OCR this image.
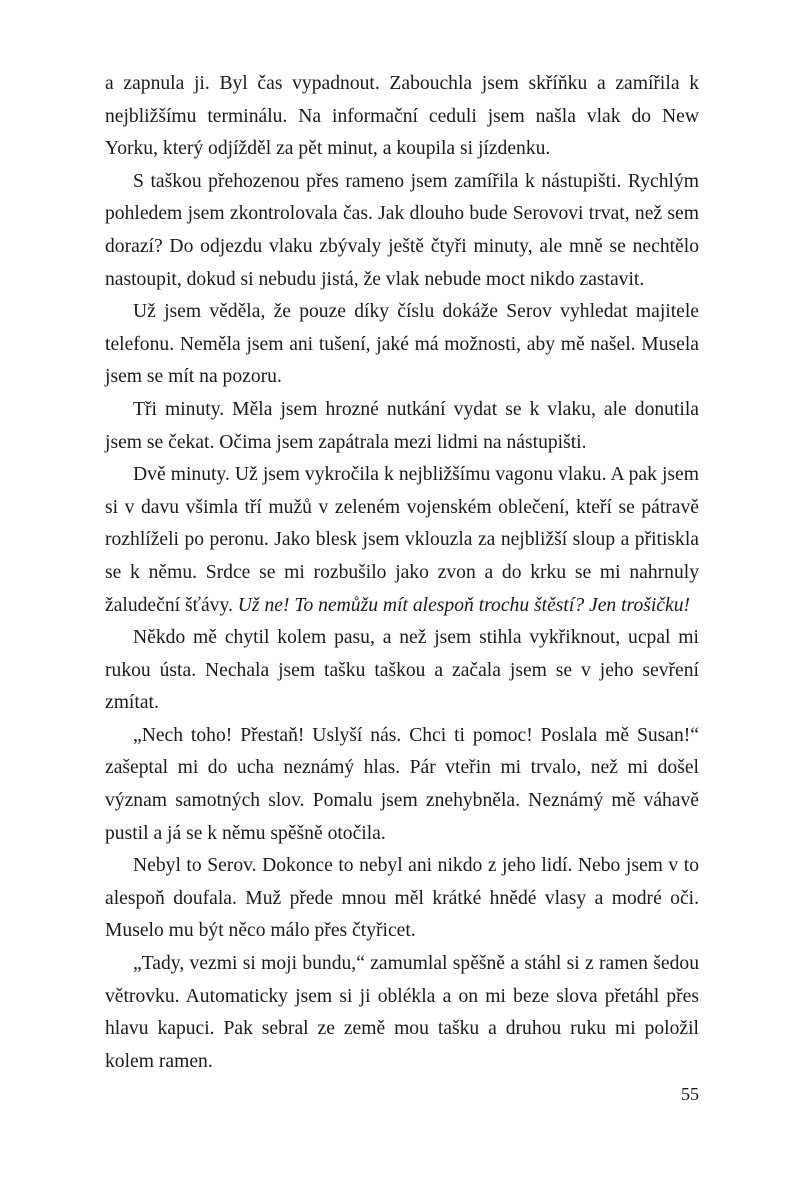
a zapnula ji. Byl čas vypadnout. Zabouchla jsem skříňku a zamířila k nejbližšímu terminálu. Na informační ceduli jsem našla vlak do New Yorku, který odjížděl za pět minut, a koupila si jízdenku.

S taškou přehozenou přes rameno jsem zamířila k nástupišti. Rychlým pohledem jsem zkontrolovala čas. Jak dlouho bude Serovovi trvat, než sem dorazí? Do odjezdu vlaku zbývaly ještě čtyři minuty, ale mně se nechtělo nastoupit, dokud si nebudu jistá, že vlak nebude moct nikdo zastavit.

Už jsem věděla, že pouze díky číslu dokáže Serov vyhledat majitele telefonu. Neměla jsem ani tušení, jaké má možnosti, aby mě našel. Musela jsem se mít na pozoru.

Tři minuty. Měla jsem hrozné nutkání vydat se k vlaku, ale donutila jsem se čekat. Očima jsem zapátrala mezi lidmi na nástupišti.

Dvě minuty. Už jsem vykročila k nejbližšímu vagonu vlaku. A pak jsem si v davu všimla tří mužů v zeleném vojenském oblečení, kteří se pátravě rozhlíželi po peronu. Jako blesk jsem vklouzla za nejbližší sloup a přitiskla se k němu. Srdce se mi rozbušilo jako zvon a do krku se mi nahrnuly žaludeční šťávy. Už ne! To nemůžu mít alespoň trochu štěstí? Jen trošičku!

Někdo mě chytil kolem pasu, a než jsem stihla vykřiknout, ucpal mi rukou ústa. Nechala jsem tašku taškou a začala jsem se v jeho sevření zmítat.

„Nech toho! Přestaň! Uslyší nás. Chci ti pomoc! Poslala mě Susan!“ zašeptal mi do ucha neznámý hlas. Pár vteřin mi trvalo, než mi došel význam samotných slov. Pomalu jsem znehybněla. Neznámý mě váhavě pustil a já se k němu spěšně otočila.

Nebyl to Serov. Dokonce to nebyl ani nikdo z jeho lidí. Nebo jsem v to alespoň doufala. Muž přede mnou měl krátké hnědé vlasy a modré oči. Muselo mu být něco málo přes čtyřicet.

„Tady, vezmi si moji bundu,“ zamumlal spěšně a stáhl si z ramen šedou větrovku. Automaticky jsem si ji oblékla a on mi beze slova přetáhl přes hlavu kapuci. Pak sebral ze země mou tašku a druhou ruku mi položil kolem ramen.

55
